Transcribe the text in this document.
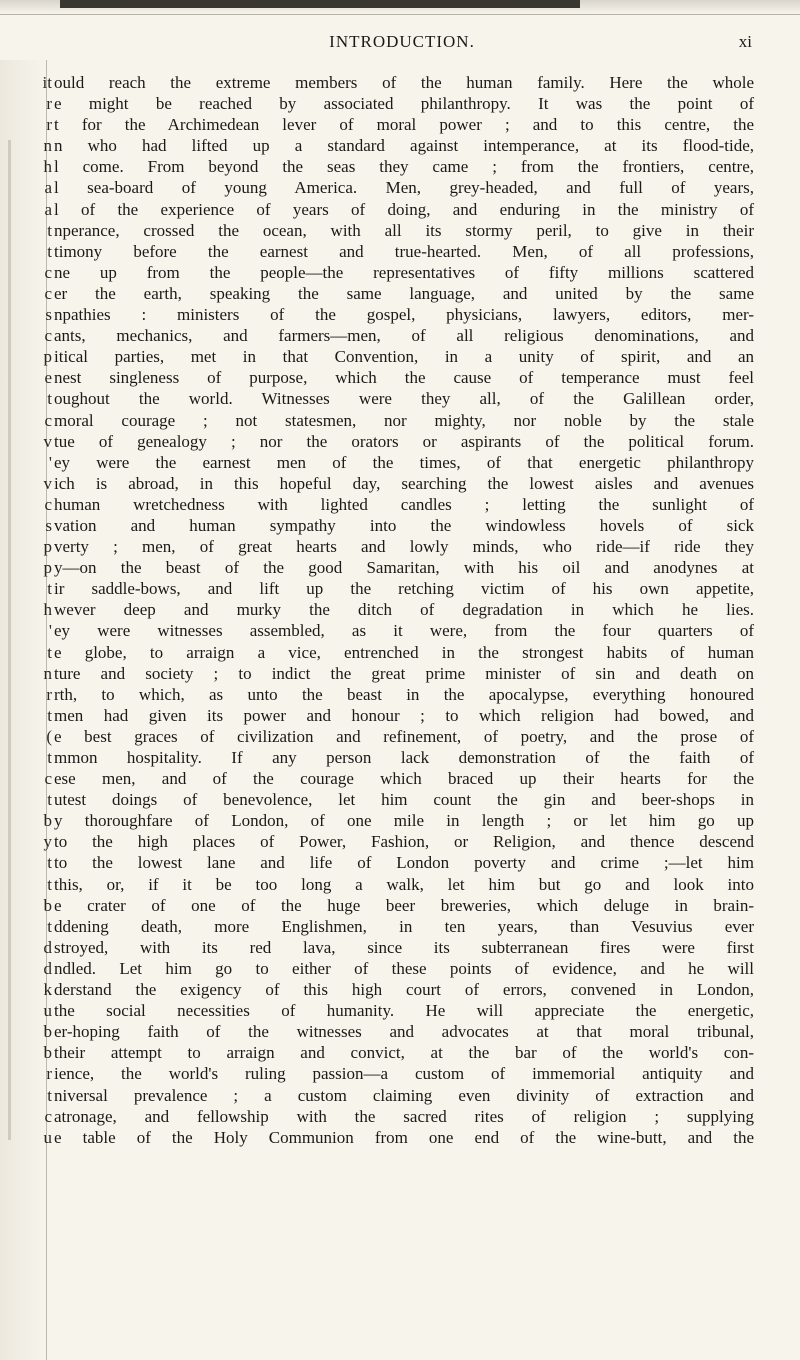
INTRODUCTION.	xi
it
r
r
n
h
a
a
t
t
c
c
s
c
p
e
t
c
v
'
v
c
s
p
p
t
h
'
t
n
r
t
(
t
c
t
b
y
t
t
b
t
d
d
k
u
b
b
r
t
c
u
ould reach the extreme members of the human family. Here the whole
e might be reached by associated philanthropy. It was the point of
t for the Archimedean lever of moral power ; and to this centre, the
n who had lifted up a standard against intemperance, at its flood-tide,
l come. From beyond the seas they came ; from the frontiers, centre,
l sea-board of young America. Men, grey-headed, and full of years,
l of the experience of years of doing, and enduring in the ministry of
nperance, crossed the ocean, with all its stormy peril, to give in their
timony before the earnest and true-hearted. Men, of all professions,
ne up from the people—the representatives of fifty millions scattered
er the earth, speaking the same language, and united by the same
npathies : ministers of the gospel, physicians, lawyers, editors, mer-
ants, mechanics, and farmers—men, of all religious denominations, and
itical parties, met in that Convention, in a unity of spirit, and an
nest singleness of purpose, which the cause of temperance must feel
oughout the world. Witnesses were they all, of the Galillean order,
moral courage ; not statesmen, nor mighty, nor noble by the stale
tue of genealogy ; nor the orators or aspirants of the political forum.
ey were the earnest men of the times, of that energetic philanthropy
ich is abroad, in this hopeful day, searching the lowest aisles and avenues
human wretchedness with lighted candles ; letting the sunlight of
vation and human sympathy into the windowless hovels of sick
verty ; men, of great hearts and lowly minds, who ride—if ride they
y—on the beast of the good Samaritan, with his oil and anodynes at
ir saddle-bows, and lift up the retching victim of his own appetite,
wever deep and murky the ditch of degradation in which he lies.
ey were witnesses assembled, as it were, from the four quarters of
e globe, to arraign a vice, entrenched in the strongest habits of human
ture and society ; to indict the great prime minister of sin and death on
rth, to which, as unto the beast in the apocalypse, everything honoured
men had given its power and honour ; to which religion had bowed, and
e best graces of civilization and refinement, of poetry, and the prose of
mmon hospitality. If any person lack demonstration of the faith of
ese men, and of the courage which braced up their hearts for the
utest doings of benevolence, let him count the gin and beer-shops in
y thoroughfare of London, of one mile in length ; or let him go up
to the high places of Power, Fashion, or Religion, and thence descend
to the lowest lane and life of London poverty and crime ;—let him
this, or, if it be too long a walk, let him but go and look into
e crater of one of the huge beer breweries, which deluge in brain-
ddening death, more Englishmen, in ten years, than Vesuvius ever
stroyed, with its red lava, since its subterranean fires were first
ndled. Let him go to either of these points of evidence, and he will
derstand the exigency of this high court of errors, convened in London,
the social necessities of humanity. He will appreciate the energetic,
er-hoping faith of the witnesses and advocates at that moral tribunal,
their attempt to arraign and convict, at the bar of the world's con-
ience, the world's ruling passion—a custom of immemorial antiquity and
niversal prevalence ; a custom claiming even divinity of extraction and
atronage, and fellowship with the sacred rites of religion ; supplying
e table of the Holy Communion from one end of the wine-butt, and the
